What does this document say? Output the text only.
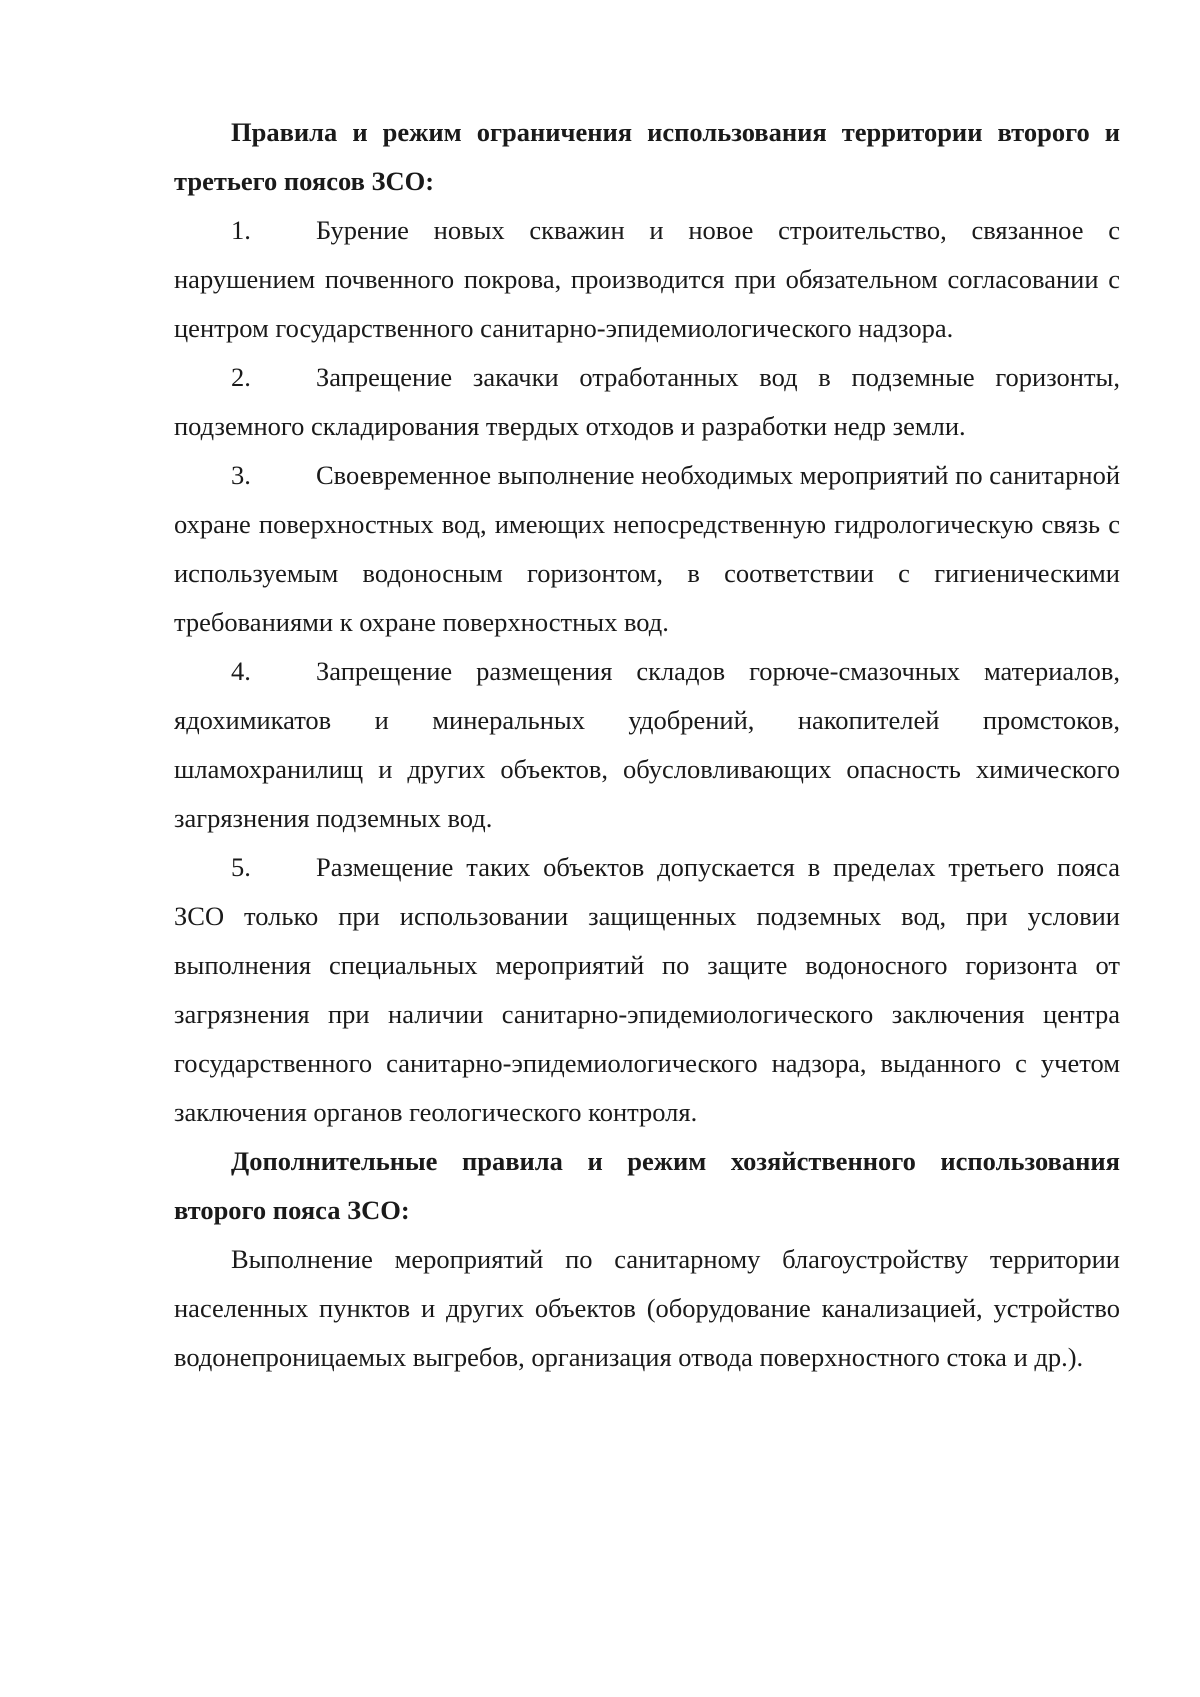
Правила и режим ограничения использования территории второго и третьего поясов ЗСО:

1. Бурение новых скважин и новое строительство, связанное с нарушением почвенного покрова, производится при обязательном согласовании с центром государственного санитарно-эпидемиологического надзора.

2. Запрещение закачки отработанных вод в подземные горизонты, подземного складирования твердых отходов и разработки недр земли.

3. Своевременное выполнение необходимых мероприятий по санитарной охране поверхностных вод, имеющих непосредственную гидрологическую связь с используемым водоносным горизонтом, в соответствии с гигиеническими требованиями к охране поверхностных вод.

4. Запрещение размещения складов горюче-смазочных материалов, ядохимикатов и минеральных удобрений, накопителей промстоков, шламохранилищ и других объектов, обусловливающих опасность химического загрязнения подземных вод.

5. Размещение таких объектов допускается в пределах третьего пояса ЗСО только при использовании защищенных подземных вод, при условии выполнения специальных мероприятий по защите водоносного горизонта от загрязнения при наличии санитарно-эпидемиологического заключения центра государственного санитарно-эпидемиологического надзора, выданного с учетом заключения органов геологического контроля.

Дополнительные правила и режим хозяйственного использования второго пояса ЗСО:

Выполнение мероприятий по санитарному благоустройству территории населенных пунктов и других объектов (оборудование канализацией, устройство водонепроницаемых выгребов, организация отвода поверхностного стока и др.).
